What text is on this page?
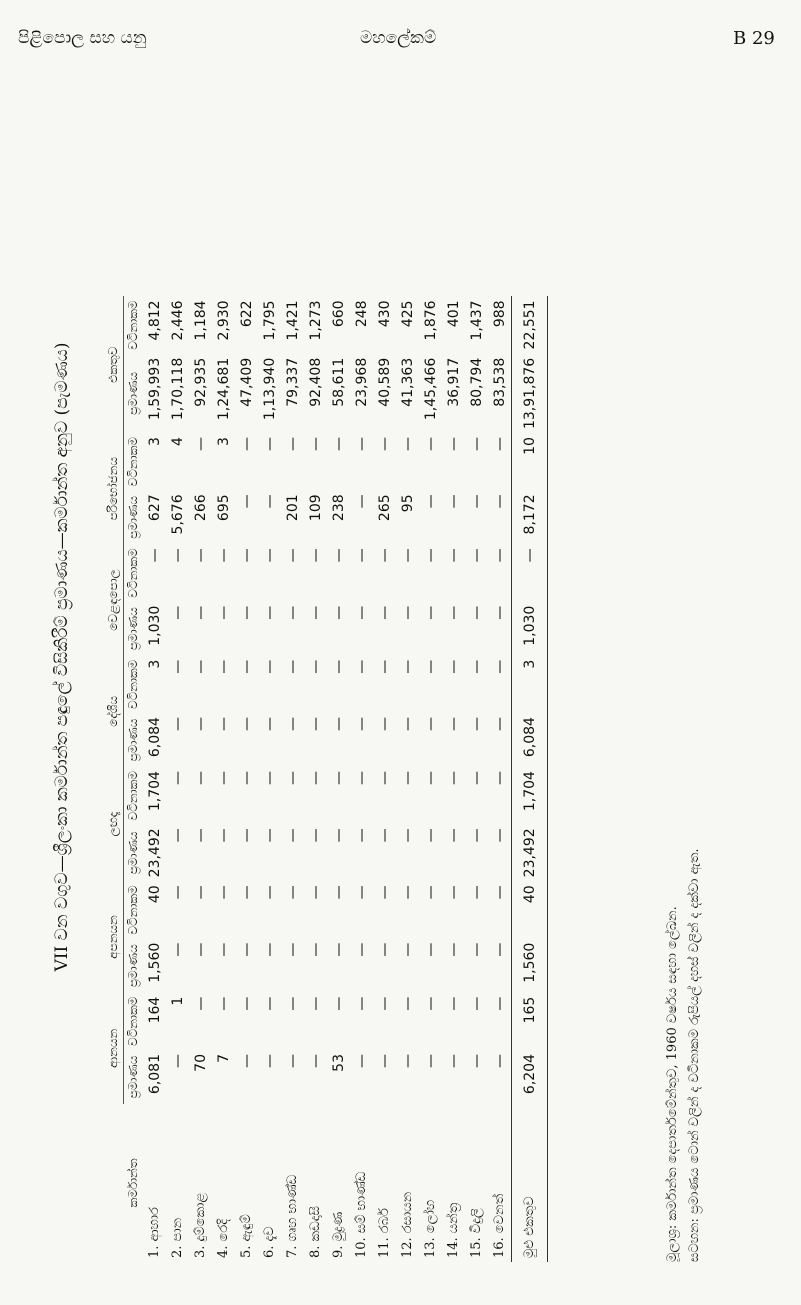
පිළිපොල සහ යනු	මහලේකම්	B 29
VII වන වගුව—ශ්‍රීලංකා කර්මාන්ත පඳුලේ විසිකිරීම් ප්‍රමාණය—කර්මාන්ත අනුව (පැමණය)
කර්මාන්ත	ආනයන		අපනයන		ලඟදෑ		දේශීය		වෙළඳපොල		පරිභෝජනය		එකතුව	
	ප්‍රමාණය	වටිනාකම	ප්‍රමාණය	වටිනාකම	ප්‍රමාණය	වටිනාකම	ප්‍රමාණය	වටිනාකම	ප්‍රමාණය	වටිනාකම	ප්‍රමාණය	වටිනාකම	ප්‍රමාණය	වටිනාකම
1. ආහාර	6,081	164	1,560	40	23,492	1,704	6,084	3	1,030	—	627	3	1,59,993	4,812
2. පාන	—	1	—	—	—	—	—	—	—	—	5,676	4	1,70,118	2,446
3. දුම්කොළ	70	—	—	—	—	—	—	—	—	—	266	—	92,935	1,184
4. රෙදි	7	—	—	—	—	—	—	—	—	—	695	3	1,24,681	2,930
5. ඇඳුම්	—	—	—	—	—	—	—	—	—	—	—	—	47,409	622
6. දැව	—	—	—	—	—	—	—	—	—	—	—	—	1,13,940	1,795
7. ගෘහ භාණ්ඩ	—	—	—	—	—	—	—	—	—	—	201	—	79,337	1,421
8. කඩදාසි	—	—	—	—	—	—	—	—	—	—	109	—	92,408	1,273
9. මුද්‍රණ	53	—	—	—	—	—	—	—	—	—	238	—	58,611	660
10. සම් භාණ්ඩ	—	—	—	—	—	—	—	—	—	—	—	—	23,968	248
11. රබර්	—	—	—	—	—	—	—	—	—	—	265	—	40,589	430
12. රසායන	—	—	—	—	—	—	—	—	—	—	95	—	41,363	425
13. ලෝහ	—	—	—	—	—	—	—	—	—	—	—	—	1,45,466	1,876
14. යන්ත්‍ර	—	—	—	—	—	—	—	—	—	—	—	—	36,917	401
15. විදුලි	—	—	—	—	—	—	—	—	—	—	—	—	80,794	1,437
16. වෙනත්	—	—	—	—	—	—	—	—	—	—	—	—	83,538	988
මුළු එකතුව	6,204	165	1,560	40	23,492	1,704	6,084	3	1,030	—	8,172	10	13,91,876	22,551
මූලාශ්‍ර: කර්මාන්ත දෙපාර්තමේන්තුව, 1960 වර්ෂය සඳහා ලේඛන. සටහන: ප්‍රමාණය ටොන් වලින් ද වටිනාකම රුපියල් දහස් වලින් ද දක්වා ඇත.
